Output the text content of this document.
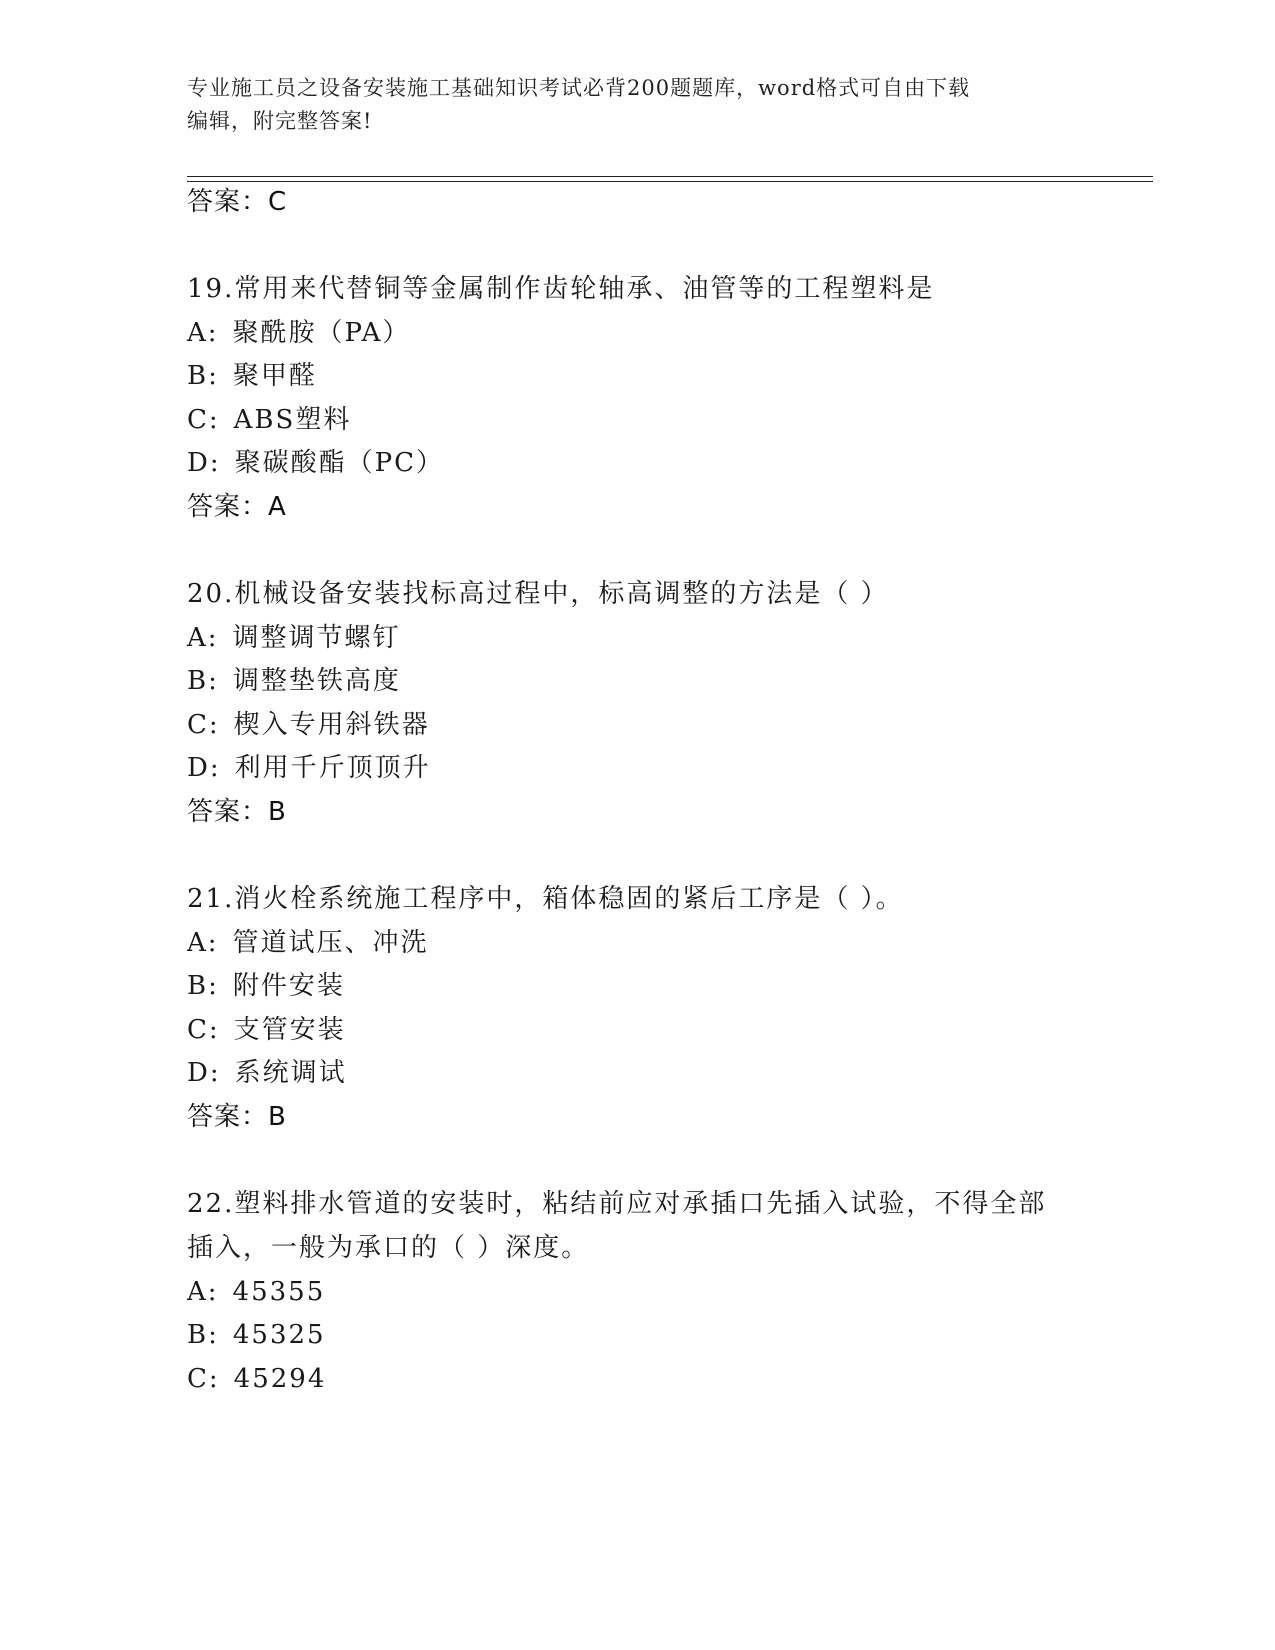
专业施工员之设备安装施工基础知识考试必背200题题库，word格式可自由下载
编辑，附完整答案!
答案：C
19.常用来代替铜等金属制作齿轮轴承、油管等的工程塑料是
A: 聚酰胺（PA）
B: 聚甲醛
C: ABS塑料
D: 聚碳酸酯（PC）
答案：A
20.机械设备安装找标高过程中，标高调整的方法是（ ）
A: 调整调节螺钉
B: 调整垫铁高度
C: 楔入专用斜铁器
D: 利用千斤顶顶升
答案：B
21.消火栓系统施工程序中，箱体稳固的紧后工序是（ ）。
A: 管道试压、冲洗
B: 附件安装
C: 支管安装
D: 系统调试
答案：B
22.塑料排水管道的安装时，粘结前应对承插口先插入试验，不得全部
插入，一般为承口的（ ）深度。
A: 45355
B: 45325
C: 45294
